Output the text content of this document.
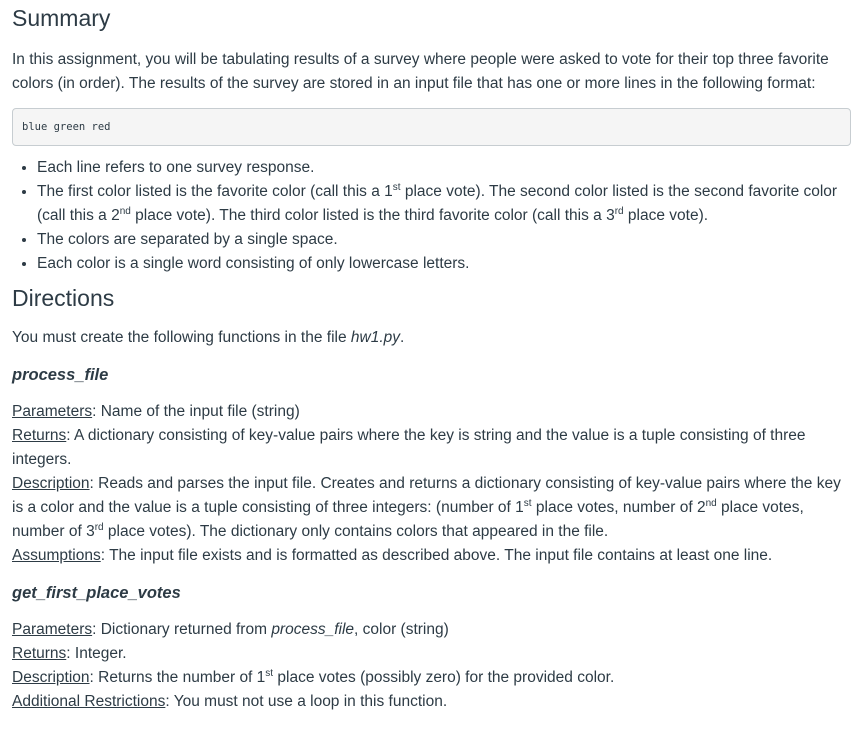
Summary

In this assignment, you will be tabulating results of a survey where people were asked to vote for their top three favorite colors (in order). The results of the survey are stored in an input file that has one or more lines in the following format:

blue green red
• Each line refers to one survey response.
• The first color listed is the favorite color (call this a 1st place vote). The second color listed is the second favorite color (call this a 2nd place vote). The third color listed is the third favorite color (call this a 3rd place vote).
• The colors are separated by a single space.
• Each color is a single word consisting of only lowercase letters.
Directions

You must create the following functions in the file hw1.py.

process_file
Parameters: Name of the input file (string)
Returns: A dictionary consisting of key-value pairs where the key is string and the value is a tuple consisting of three integers.
Description: Reads and parses the input file. Creates and returns a dictionary consisting of key-value pairs where the key is a color and the value is a tuple consisting of three integers: (number of 1st place votes, number of 2nd place votes, number of 3rd place votes). The dictionary only contains colors that appeared in the file.
Assumptions: The input file exists and is formatted as described above. The input file contains at least one line.
get_first_place_votes
Parameters: Dictionary returned from process_file, color (string)
Returns: Integer.
Description: Returns the number of 1st place votes (possibly zero) for the provided color.
Additional Restrictions: You must not use a loop in this function.
